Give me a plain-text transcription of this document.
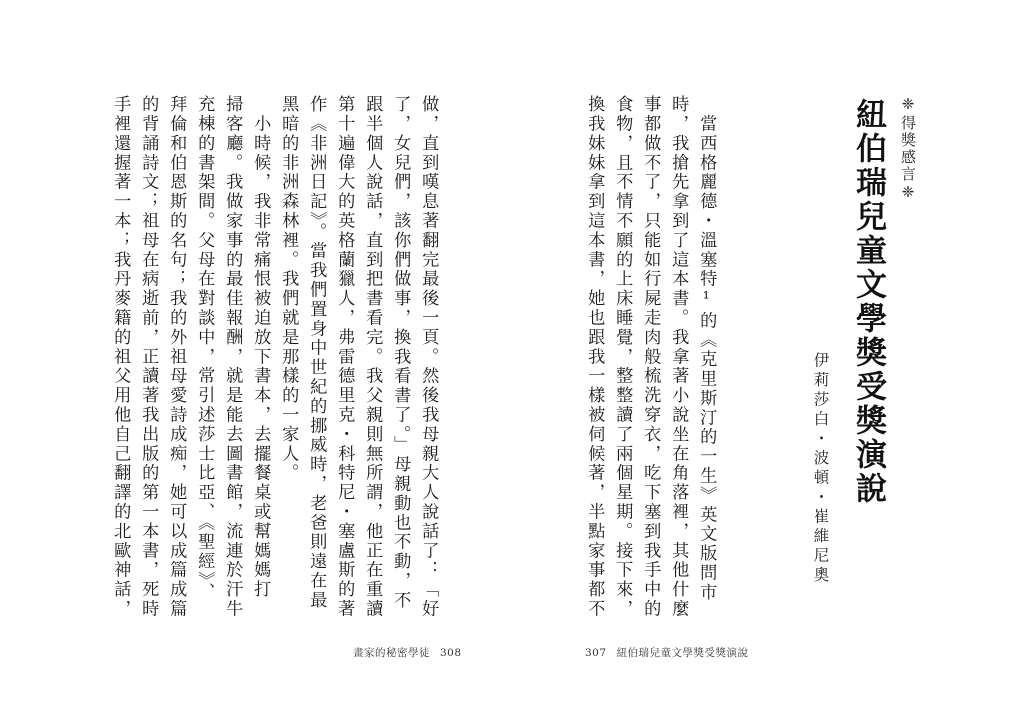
做，直到嘆息著翻完最後一頁。然後我母親大人說話了：「好
了，女兒們，該你們做事，換我看書了。」母親動也不動，不
跟半個人說話，直到把書看完。我父親則無所謂，他正在重讀
第十遍偉大的英格蘭獵人，弗雷德里克・科特尼・塞盧斯的著
作《非洲日記》。當我們置身中世紀的挪威時，老爸則遠在最
黑暗的非洲森林裡。我們就是那樣的一家人。
　小時候，我非常痛恨被迫放下書本，去擺餐桌或幫媽媽打
掃客廳。我做家事的最佳報酬，就是能去圖書館，流連於汗牛
充棟的書架間。父母在對談中，常引述莎士比亞、《聖經》、
拜倫和伯恩斯的名句；我的外祖母愛詩成痴，她可以成篇成篇
的背誦詩文；祖母在病逝前，正讀著我出版的第一本書，死時
手裡還握著一本；我丹麥籍的祖父用他自己翻譯的北歐神話，
畫家的秘密學徒 308
　當西格麗德・溫塞特¹的《克里斯汀的一生》英文版問市
時，我搶先拿到了這本書。我拿著小說坐在角落裡，其他什麼
事都做不了，只能如行屍走肉般梳洗穿衣，吃下塞到我手中的
食物，且不情不願的上床睡覺，整整讀了兩個星期。接下來，
換我妹妹拿到這本書，她也跟我一樣被伺候著，半點家事都不
307 紐伯瑞兒童文學獎受獎演說
❈得獎感言❈
紐伯瑞兒童文學獎受獎演說
伊莉莎白・波頓・崔維尼奧
